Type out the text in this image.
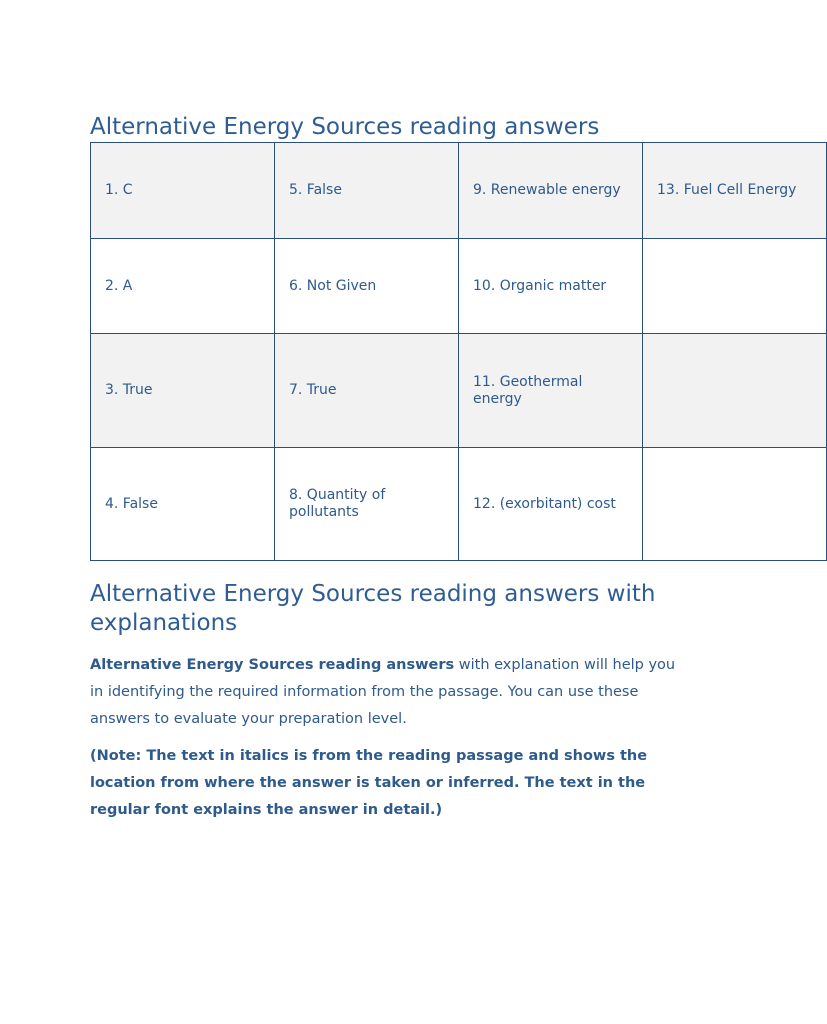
Alternative Energy Sources reading answers
1. C	5. False	9. Renewable energy	13. Fuel Cell Energy
2. A	6. Not Given	10. Organic matter	
3. True	7. True	11. Geothermal energy	
4. False	8. Quantity of pollutants	12. (exorbitant) cost	
Alternative Energy Sources reading answers with explanations

Alternative Energy Sources reading answers with explanation will help you in identifying the required information from the passage. You can use these answers to evaluate your preparation level.

(Note: The text in italics is from the reading passage and shows the location from where the answer is taken or inferred. The text in the regular font explains the answer in detail.)
